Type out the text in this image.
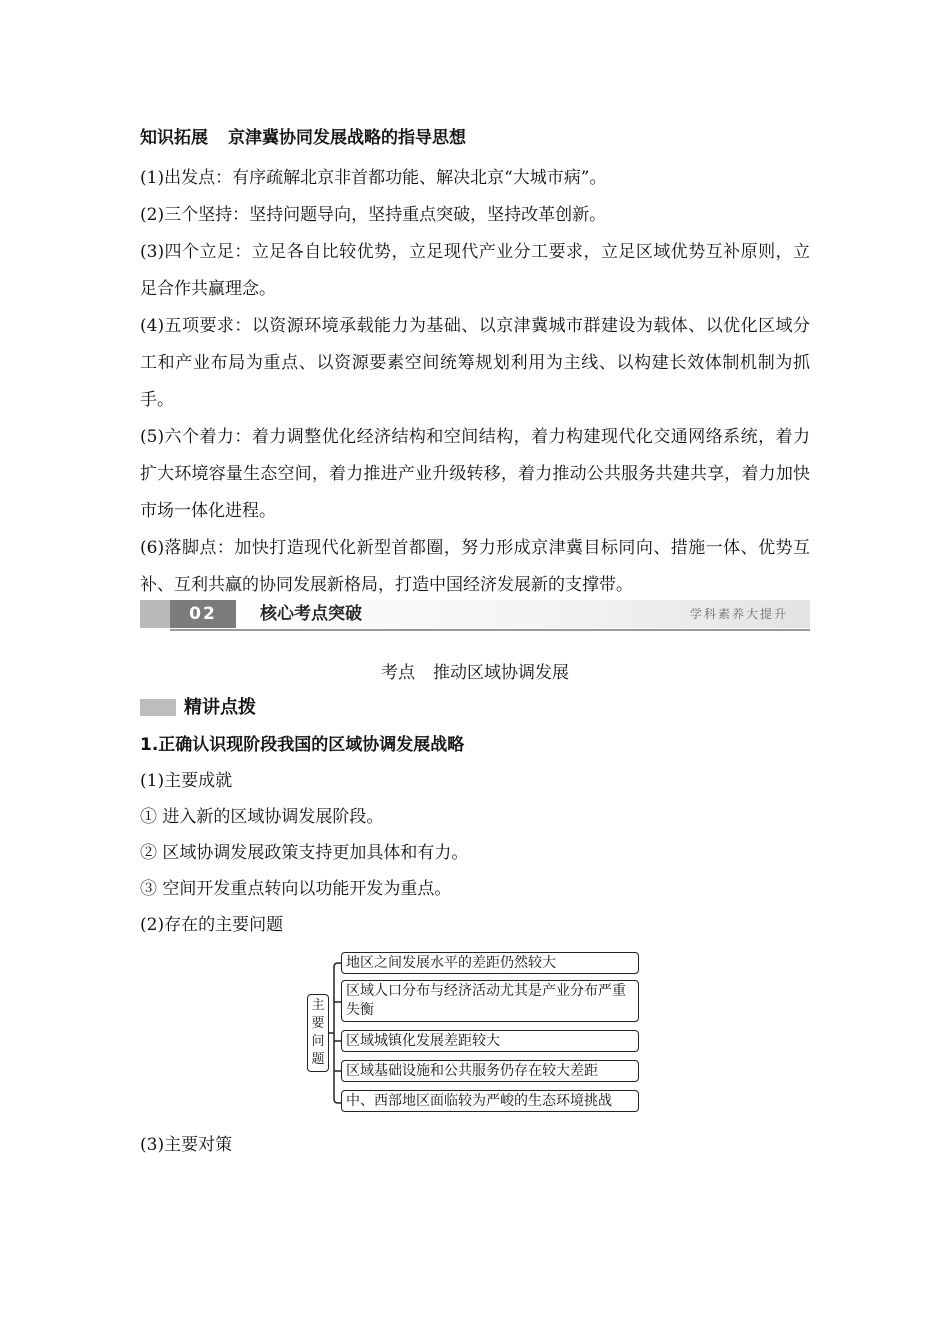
知识拓展 京津冀协同发展战略的指导思想

(1)出发点：有序疏解北京非首都功能、解决北京“大城市病”。

(2)三个坚持：坚持问题导向，坚持重点突破，坚持改革创新。

(3)四个立足：立足各自比较优势，立足现代产业分工要求，立足区域优势互补原则，立足合作共赢理念。

(4)五项要求：以资源环境承载能力为基础、以京津冀城市群建设为载体、以优化区域分工和产业布局为重点、以资源要素空间统筹规划利用为主线、以构建长效体制机制为抓手。

(5)六个着力：着力调整优化经济结构和空间结构，着力构建现代化交通网络系统，着力扩大环境容量生态空间，着力推进产业升级转移，着力推动公共服务共建共享，着力加快市场一体化进程。

(6)落脚点：加快打造现代化新型首都圈，努力形成京津冀目标同向、措施一体、优势互补、互利共赢的协同发展新格局，打造中国经济发展新的支撑带。

02	核心考点突破	学科素养大提升
考点 推动区域协调发展
精讲点拨
1.正确认识现阶段我国的区域协调发展战略
(1)主要成就
① 进入新的区域协调发展阶段。
② 区域协调发展政策支持更加具体和有力。
③ 空间开发重点转向以功能开发为重点。
(2)存在的主要问题
主
要
问
题
地区之间发展水平的差距仍然较大
区域人口分布与经济活动尤其是产业分布严重失衡
区域城镇化发展差距较大
区域基础设施和公共服务仍存在较大差距
中、西部地区面临较为严峻的生态环境挑战
(3)主要对策
